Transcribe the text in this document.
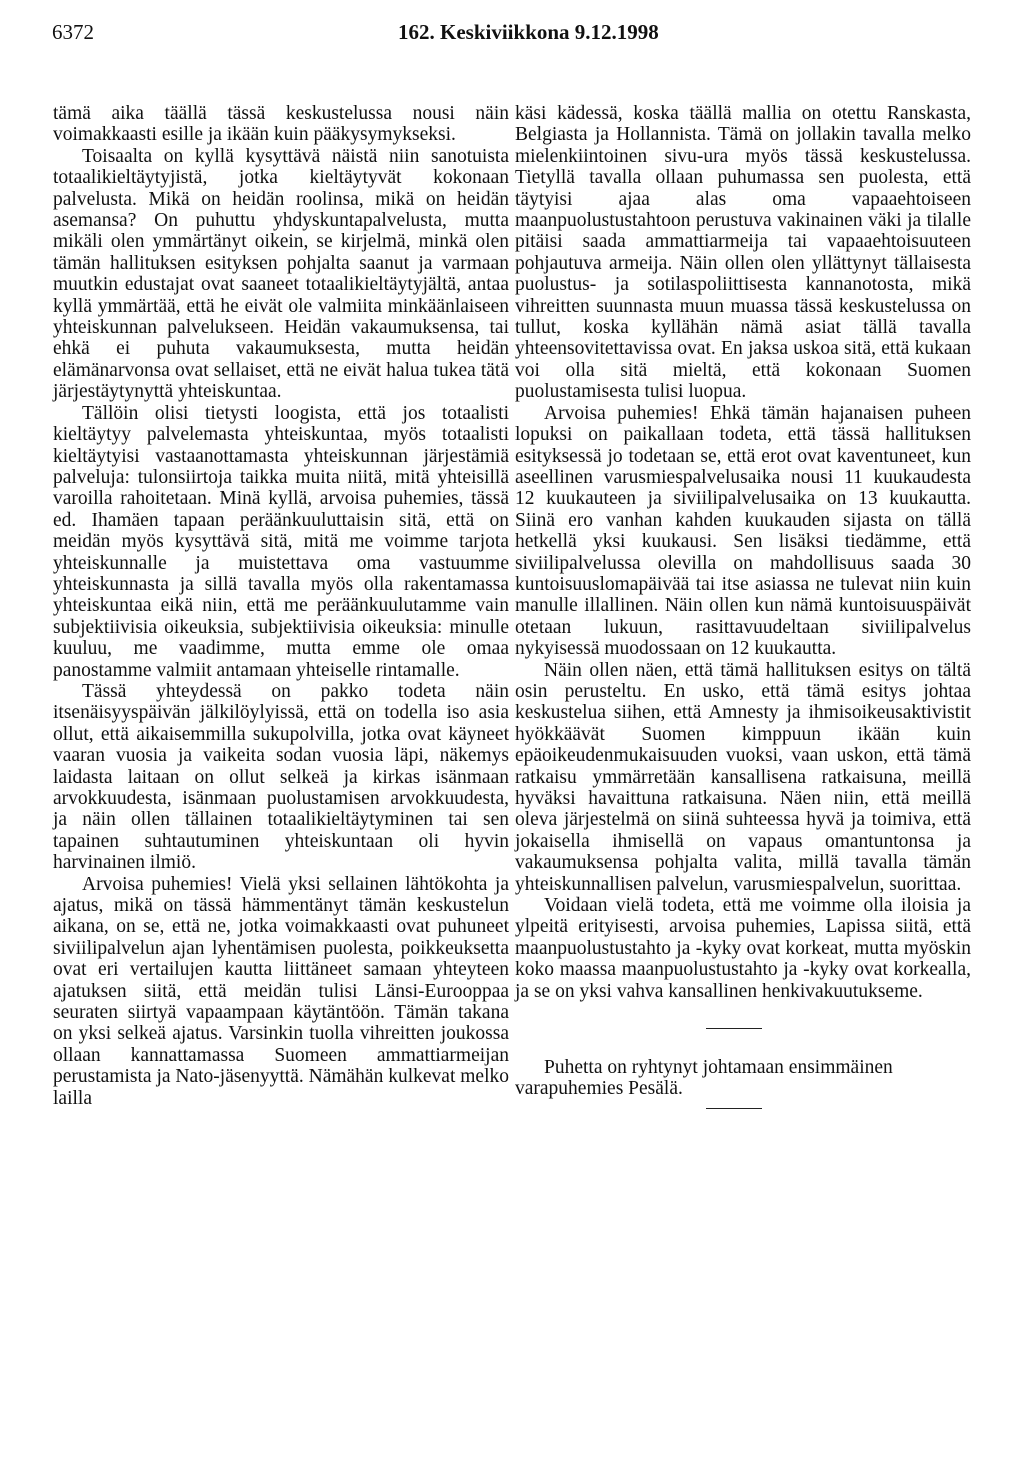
6372	162. Keskiviikkona 9.12.1998

tämä aika täällä tässä keskustelussa nousi näin voimakkaasti esille ja ikään kuin pääkysymykseksi.

Toisaalta on kyllä kysyttävä näistä niin sanotuista totaalikieltäytyjistä, jotka kieltäytyvät kokonaan palvelusta. Mikä on heidän roolinsa, mikä on heidän asemansa? On puhuttu yhdyskuntapalvelusta, mutta mikäli olen ymmärtänyt oikein, se kirjelmä, minkä olen tämän hallituksen esityksen pohjalta saanut ja varmaan muutkin edustajat ovat saaneet totaalikieltäytyjältä, antaa kyllä ymmärtää, että he eivät ole valmiita minkäänlaiseen yhteiskunnan palvelukseen. Heidän vakaumuksensa, tai ehkä ei puhuta vakaumuksesta, mutta heidän elämänarvonsa ovat sellaiset, että ne eivät halua tukea tätä järjestäytynyttä yhteiskuntaa.

Tällöin olisi tietysti loogista, että jos totaalisti kieltäytyy palvelemasta yhteiskuntaa, myös totaalisti kieltäytyisi vastaanottamasta yhteiskunnan järjestämiä palveluja: tulonsiirtoja taikka muita niitä, mitä yhteisillä varoilla rahoitetaan. Minä kyllä, arvoisa puhemies, tässä ed. Ihamäen tapaan peräänkuuluttaisin sitä, että on meidän myös kysyttävä sitä, mitä me voimme tarjota yhteiskunnalle ja muistettava oma vastuumme yhteiskunnasta ja sillä tavalla myös olla rakentamassa yhteiskuntaa eikä niin, että me peräänkuulutamme vain subjektiivisia oikeuksia, subjektiivisia oikeuksia: minulle kuuluu, me vaadimme, mutta emme ole omaa panostamme valmiit antamaan yhteiselle rintamalle.

Tässä yhteydessä on pakko todeta näin itsenäisyyspäivän jälkilöylyissä, että on todella iso asia ollut, että aikaisemmilla sukupolvilla, jotka ovat käyneet vaaran vuosia ja vaikeita sodan vuosia läpi, näkemys laidasta laitaan on ollut selkeä ja kirkas isänmaan arvokkuudesta, isänmaan puolustamisen arvokkuudesta, ja näin ollen tällainen totaalikieltäytyminen tai sen tapainen suhtautuminen yhteiskuntaan oli hyvin harvinainen ilmiö.

Arvoisa puhemies! Vielä yksi sellainen lähtökohta ja ajatus, mikä on tässä hämmentänyt tämän keskustelun aikana, on se, että ne, jotka voimakkaasti ovat puhuneet siviilipalvelun ajan lyhentämisen puolesta, poikkeuksetta ovat eri vertailujen kautta liittäneet samaan yhteyteen ajatuksen siitä, että meidän tulisi Länsi-Eurooppaa seuraten siirtyä vapaampaan käytäntöön. Tämän takana on yksi selkeä ajatus. Varsinkin tuolla vihreitten joukossa ollaan kannattamassa Suomeen ammattiarmeijan perustamista ja Nato-jäsenyyttä. Nämähän kulkevat melko lailla

käsi kädessä, koska täällä mallia on otettu Ranskasta, Belgiasta ja Hollannista. Tämä on jollakin tavalla melko mielenkiintoinen sivu-ura myös tässä keskustelussa. Tietyllä tavalla ollaan puhumassa sen puolesta, että täytyisi ajaa alas oma vapaaehtoiseen maanpuolustustahtoon perustuva vakinainen väki ja tilalle pitäisi saada ammattiarmeija tai vapaaehtoisuuteen pohjautuva armeija. Näin ollen olen yllättynyt tällaisesta puolustus- ja sotilaspoliittisesta kannanotosta, mikä vihreitten suunnasta muun muassa tässä keskustelussa on tullut, koska kyllähän nämä asiat tällä tavalla yhteensovitettavissa ovat. En jaksa uskoa sitä, että kukaan voi olla sitä mieltä, että kokonaan Suomen puolustamisesta tulisi luopua.

Arvoisa puhemies! Ehkä tämän hajanaisen puheen lopuksi on paikallaan todeta, että tässä hallituksen esityksessä jo todetaan se, että erot ovat kaventuneet, kun aseellinen varusmiespalvelusaika nousi 11 kuukaudesta 12 kuukauteen ja siviilipalvelusaika on 13 kuukautta. Siinä ero vanhan kahden kuukauden sijasta on tällä hetkellä yksi kuukausi. Sen lisäksi tiedämme, että siviilipalvelussa olevilla on mahdollisuus saada 30 kuntoisuuslomapäivää tai itse asiassa ne tulevat niin kuin manulle illallinen. Näin ollen kun nämä kuntoisuuspäivät otetaan lukuun, rasittavuudeltaan siviilipalvelus nykyisessä muodossaan on 12 kuukautta.

Näin ollen näen, että tämä hallituksen esitys on tältä osin perusteltu. En usko, että tämä esitys johtaa keskustelua siihen, että Amnesty ja ihmisoikeusaktivistit hyökkäävät Suomen kimppuun ikään kuin epäoikeudenmukaisuuden vuoksi, vaan uskon, että tämä ratkaisu ymmärretään kansallisena ratkaisuna, meillä hyväksi havaittuna ratkaisuna. Näen niin, että meillä oleva järjestelmä on siinä suhteessa hyvä ja toimiva, että jokaisella ihmisellä on vapaus omantuntonsa ja vakaumuksensa pohjalta valita, millä tavalla tämän yhteiskunnallisen palvelun, varusmiespalvelun, suorittaa.

Voidaan vielä todeta, että me voimme olla iloisia ja ylpeitä erityisesti, arvoisa puhemies, Lapissa siitä, että maanpuolustustahto ja -kyky ovat korkeat, mutta myöskin koko maassa maanpuolustustahto ja -kyky ovat korkealla, ja se on yksi vahva kansallinen henkivakuutukseme.

Puhetta on ryhtynyt johtamaan ensimmäinen varapuhemies Pesälä.
